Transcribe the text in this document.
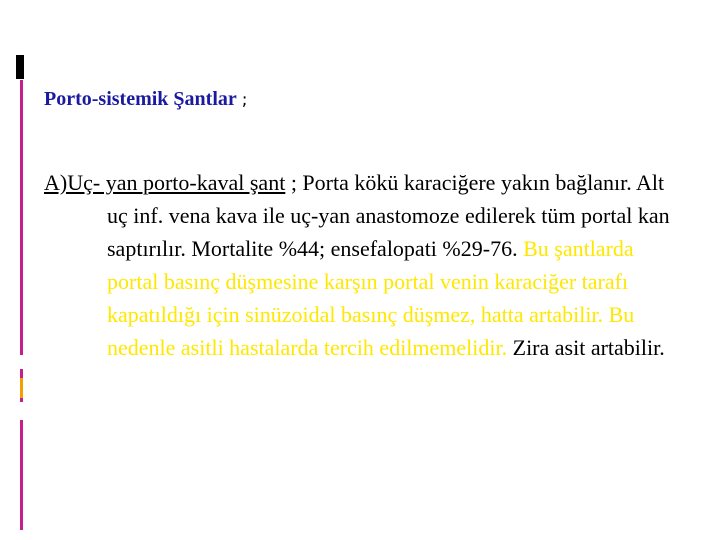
Porto-sistemik Şantlar ;

A)Uç- yan porto-kaval şant ; Porta kökü karaciğere yakın bağlanır. Alt uç inf. vena kava ile uç-yan anastomoze edilerek tüm portal kan saptırılır. Mortalite %44; ensefalopati %29-76. Bu şantlarda portal basınç düşmesine karşın portal venin karaciğer tarafı kapatıldığı için sinüzoidal basınç düşmez, hatta artabilir. Bu nedenle asitli hastalarda tercih edilmemelidir. Zira asit artabilir.
